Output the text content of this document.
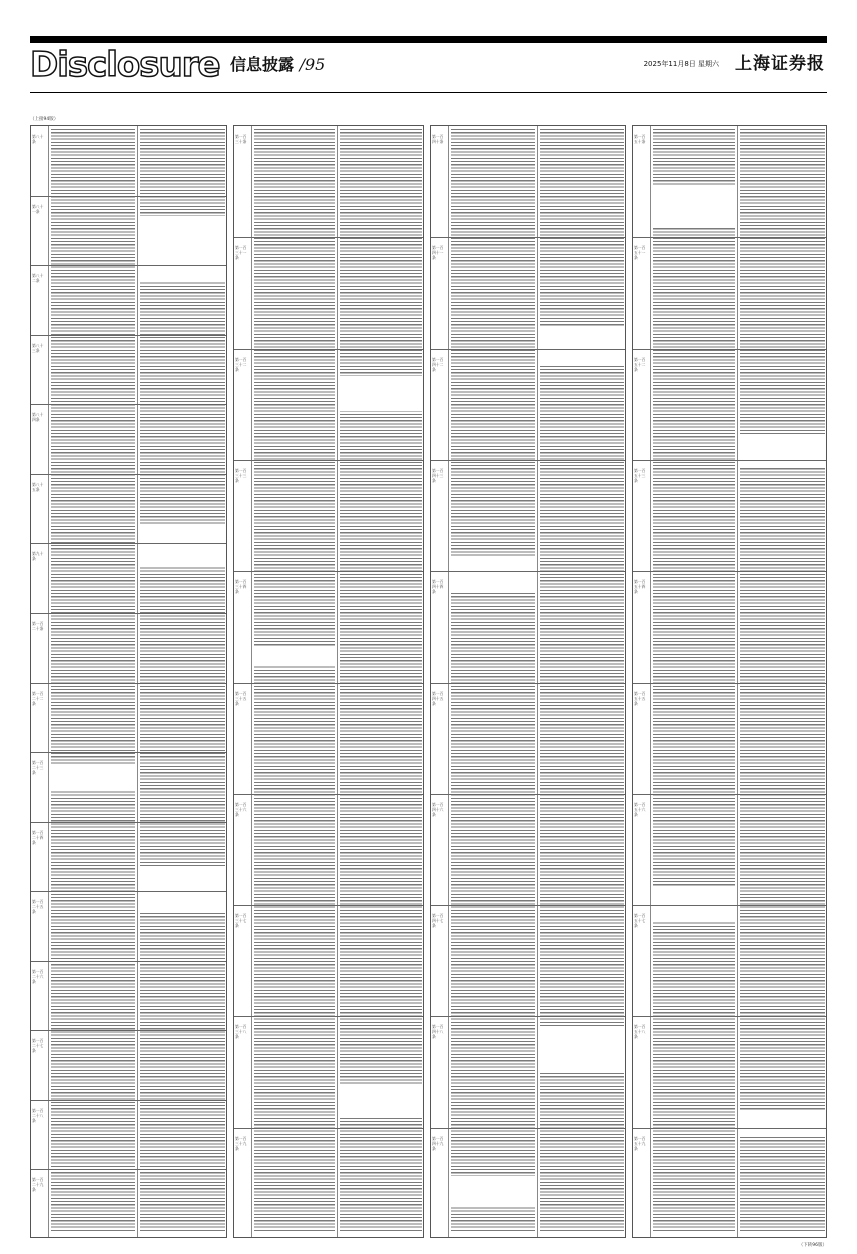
Disclosure 信息披露 /95	2025年11月8日 星期六 上海证券报
（上接94版）
第八十条
第八十一条
第八十二条
第八十三条
第八十四条
第八十五条
第九十条
第一百二十条
第一百二十二条
第一百二十三条
第一百二十四条
第一百二十五条
第一百二十六条
第一百二十七条
第一百二十八条
第一百二十九条
第一百三十条
第一百三十一条
第一百三十二条
第一百三十三条
第一百三十四条
第一百三十五条
第一百三十六条
第一百三十七条
第一百三十八条
第一百三十九条
第一百四十条
第一百四十一条
第一百四十二条
第一百四十三条
第一百四十四条
第一百四十五条
第一百四十六条
第一百四十七条
第一百四十八条
第一百四十九条
第一百五十条
第一百五十一条
第一百五十二条
第一百五十三条
第一百五十四条
第一百五十五条
第一百五十六条
第一百五十七条
第一百五十八条
第一百五十九条
（下转96版）
